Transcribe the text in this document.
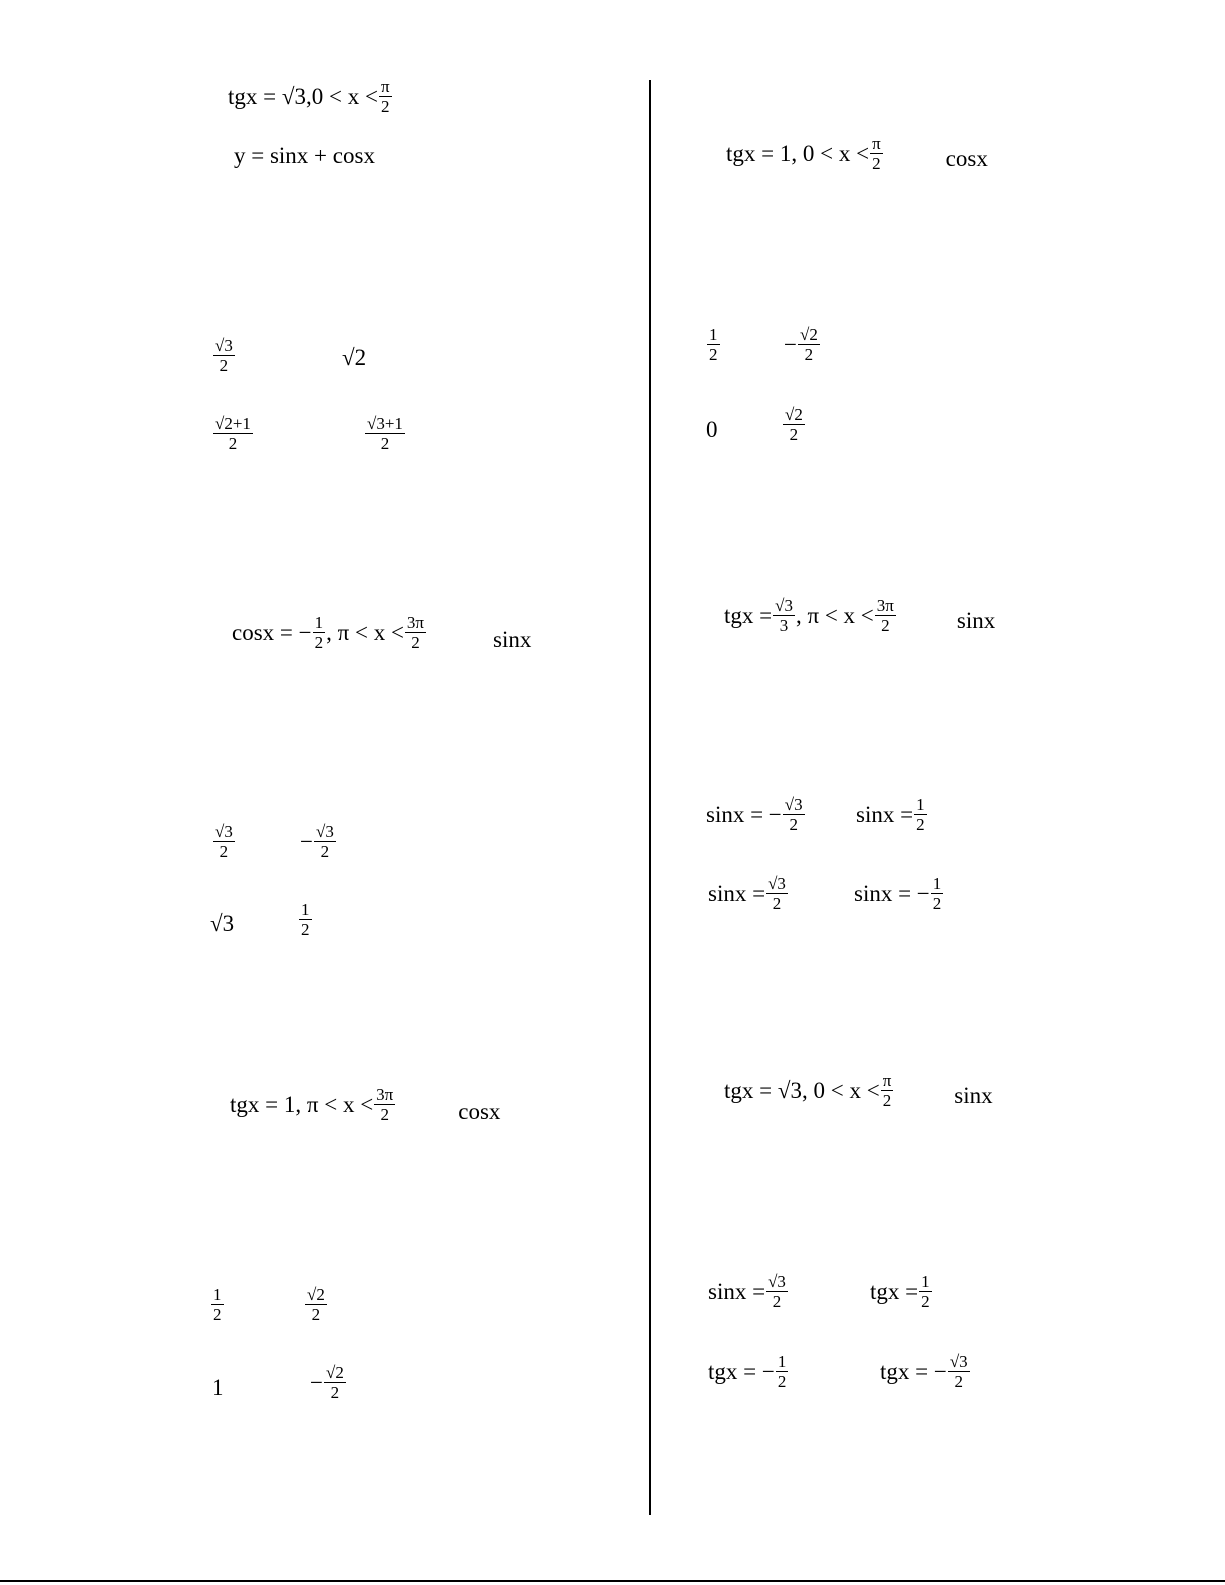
tgx = $√3,0 < x < \frac{\pi}{2}$
y = sinx + cosx
$\frac{√3}{2}$	√2
$\frac{√2+1}{2}$	$\frac{√3+1}{2}$
cosx = − $\frac{1}{2}$ , $\pi < x < \frac{3\pi}{2}$	sinx
$\frac{√3}{2}$	− $\frac{√3}{2}$
√3	$\frac{1}{2}$
tgx = 1, $\pi < x < \frac{3\pi}{2}$	cosx
$\frac{1}{2}$	$\frac{√2}{2}$
1	− $\frac{√2}{2}$
tgx = 1, $0 < x < \frac{\pi}{2}$	cosx
$\frac{1}{2}$	− $\frac{√2}{2}$
0	$\frac{√2}{2}$
tgx = $\frac{√3}{3}$ , $\pi < x < \frac{3\pi}{2}$	sinx
sinx = − $\frac{√3}{2}$ $\sin x = \frac{1}{2}$
$\sin x = \frac{√3}{2}$	sinx = − $\frac{1}{2}$
tgx = √3, $0 < x < \frac{\pi}{2}$	sinx
$\sin x = \frac{√3}{2}$	tgx = $\frac{1}{2}$
tgx = − $\frac{1}{2}$	tgx = − $\frac{√3}{2}$
